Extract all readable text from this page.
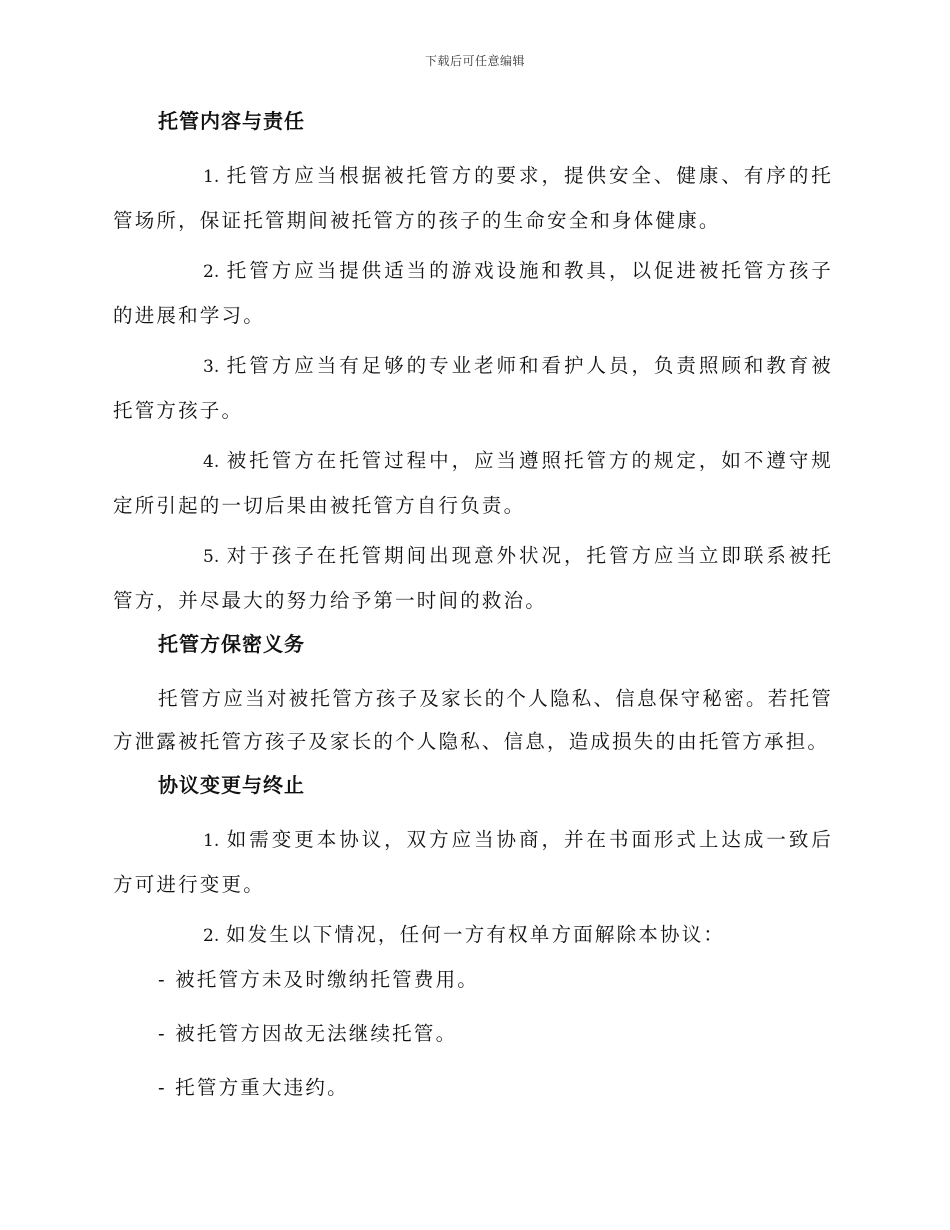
下载后可任意编辑
托管内容与责任

1. 托管方应当根据被托管方的要求，提供安全、健康、有序的托管场所，保证托管期间被托管方的孩子的生命安全和身体健康。

2. 托管方应当提供适当的游戏设施和教具，以促进被托管方孩子的进展和学习。

3. 托管方应当有足够的专业老师和看护人员，负责照顾和教育被托管方孩子。

4. 被托管方在托管过程中，应当遵照托管方的规定，如不遵守规定所引起的一切后果由被托管方自行负责。

5. 对于孩子在托管期间出现意外状况，托管方应当立即联系被托管方，并尽最大的努力给予第一时间的救治。

托管方保密义务

托管方应当对被托管方孩子及家长的个人隐私、信息保守秘密。若托管方泄露被托管方孩子及家长的个人隐私、信息，造成损失的由托管方承担。

协议变更与终止

1. 如需变更本协议，双方应当协商，并在书面形式上达成一致后方可进行变更。

2. 如发生以下情况，任何一方有权单方面解除本协议：

- 被托管方未及时缴纳托管费用。
- 被托管方因故无法继续托管。
- 托管方重大违约。
